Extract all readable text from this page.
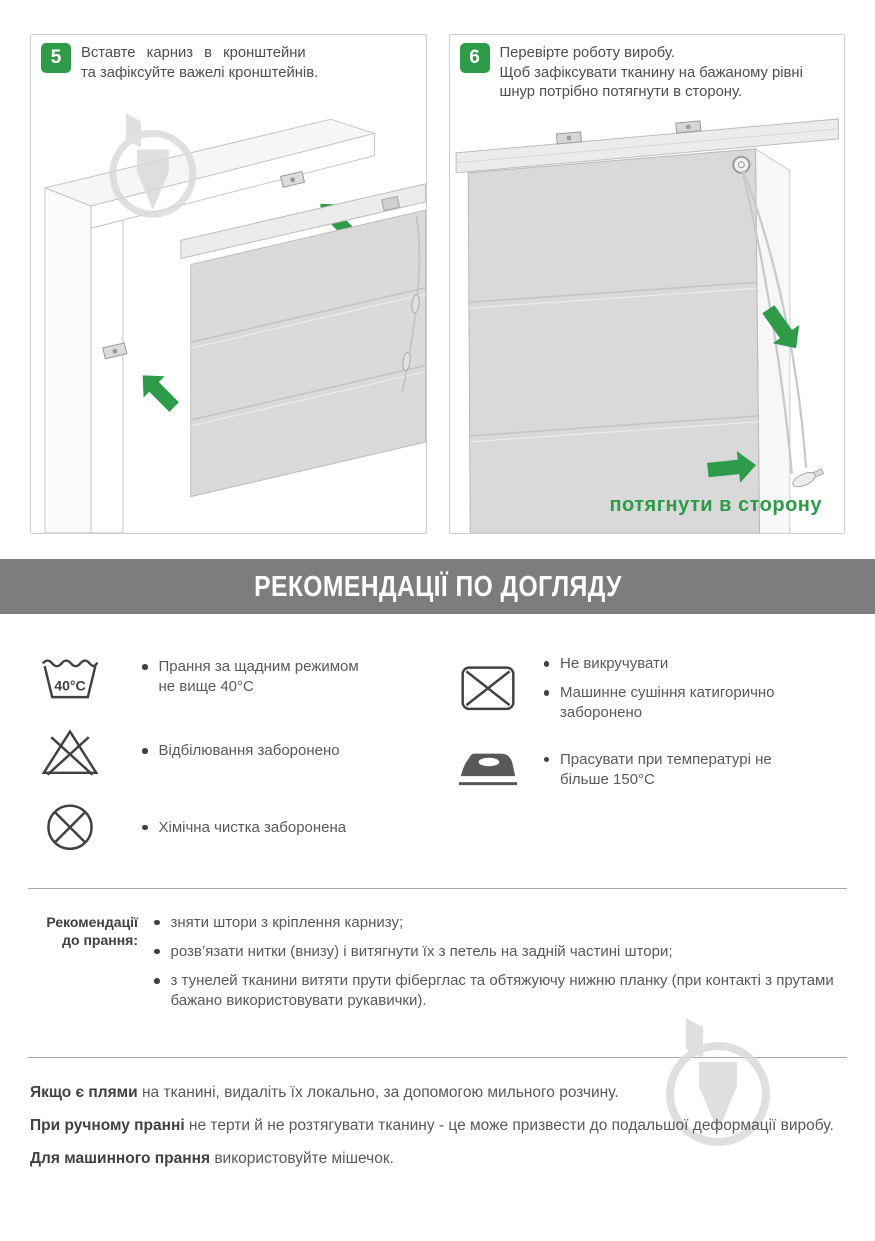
5	Вставте карниз в кронштейни
та зафіксуйте важелі кронштейнів.
6	Перевірте роботу виробу.
Щоб зафіксувати тканину на бажаному рівні
шнур потрібно потягнути в сторону.
потягнути в сторону
РЕКОМЕНДАЦІЇ ПО ДОГЛЯДУ
40°C
Прання за щадним режимом
не вище 40°С
Відбілювання заборонено
Хімічна чистка заборонена
Не викручувати
Машинне сушіння катигорично заборонено
Прасувати при температурі не більше 150°С
Рекомендації
до прання:
зняти штори з кріплення карнизу;
розв’язати нитки (внизу) і витягнути їх з петель на задній частині штори;
з тунелей тканини витяти прути фіберглас та обтяжуючу нижню планку (при контакті з прутами бажано використовувати рукавички).
Якщо є плями на тканині, видаліть їх локально, за допомогою мильного розчину.
При ручному пранні не терти й не розтягувати тканину - це може призвести до подальшої деформації виробу.
Для машинного прання використовуйте мішечок.
